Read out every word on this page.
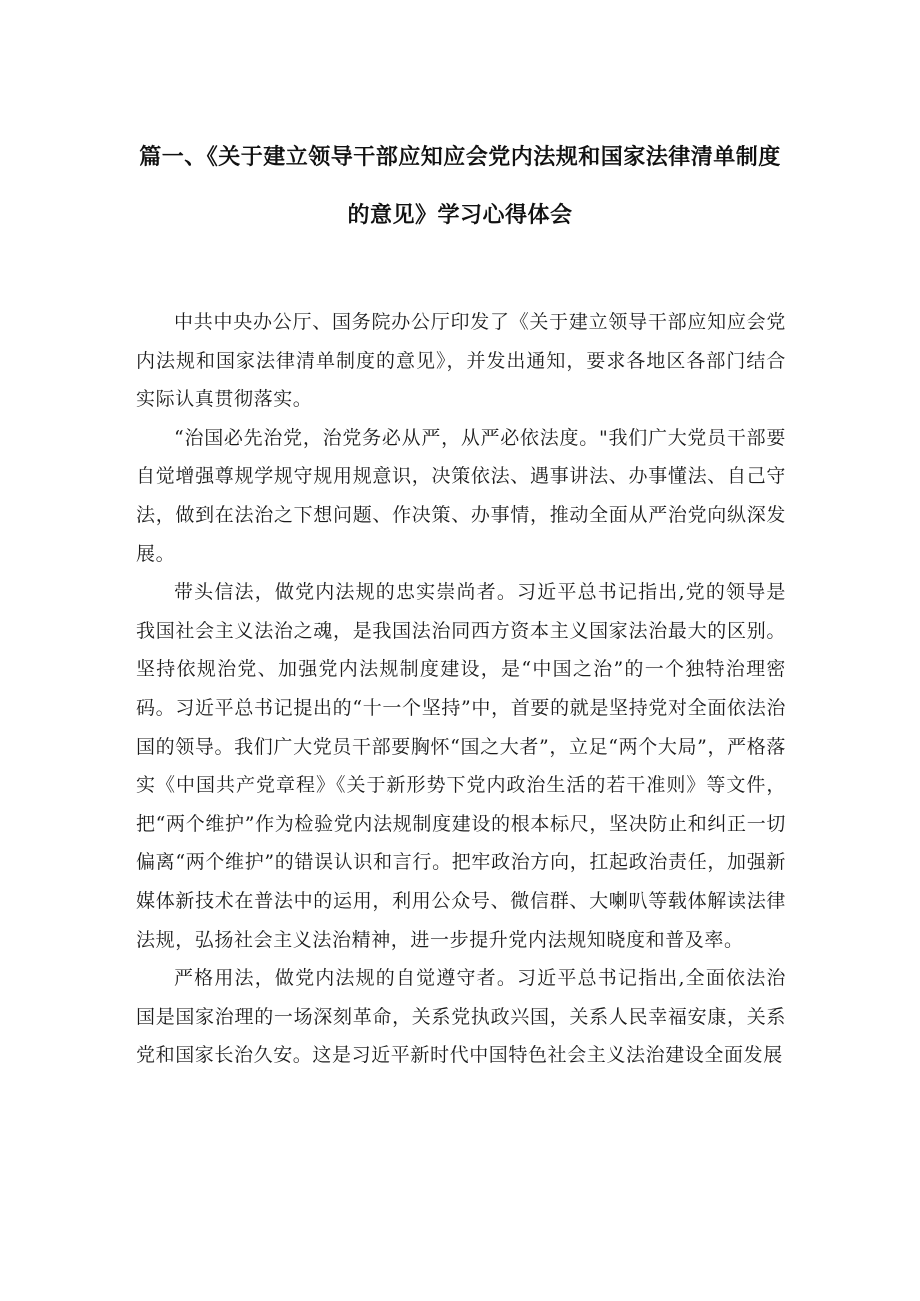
篇一、《关于建立领导干部应知应会党内法规和国家法律清单制度
的意见》学习心得体会

中共中央办公厅、国务院办公厅印发了《关于建立领导干部应知应会党内法规和国家法律清单制度的意见》，并发出通知，要求各地区各部门结合实际认真贯彻落实。

“治国必先治党，治党务必从严，从严必依法度。"我们广大党员干部要自觉增强尊规学规守规用规意识，决策依法、遇事讲法、办事懂法、自己守法，做到在法治之下想问题、作决策、办事情，推动全面从严治党向纵深发展。

带头信法，做党内法规的忠实崇尚者。习近平总书记指出,党的领导是我国社会主义法治之魂，是我国法治同西方资本主义国家法治最大的区别。坚持依规治党、加强党内法规制度建设，是“中国之治”的一个独特治理密码。习近平总书记提出的“十一个坚持”中，首要的就是坚持党对全面依法治国的领导。我们广大党员干部要胸怀“国之大者”，立足“两个大局”，严格落实《中国共产党章程》《关于新形势下党内政治生活的若干准则》等文件，把“两个维护”作为检验党内法规制度建设的根本标尺，坚决防止和纠正一切偏离“两个维护”的错误认识和言行。把牢政治方向，扛起政治责任，加强新媒体新技术在普法中的运用，利用公众号、微信群、大喇叭等载体解读法律法规，弘扬社会主义法治精神，进一步提升党内法规知晓度和普及率。

严格用法，做党内法规的自觉遵守者。习近平总书记指出,全面依法治国是国家治理的一场深刻革命，关系党执政兴国，关系人民幸福安康，关系党和国家长治久安。这是习近平新时代中国特色社会主义法治建设全面发展
